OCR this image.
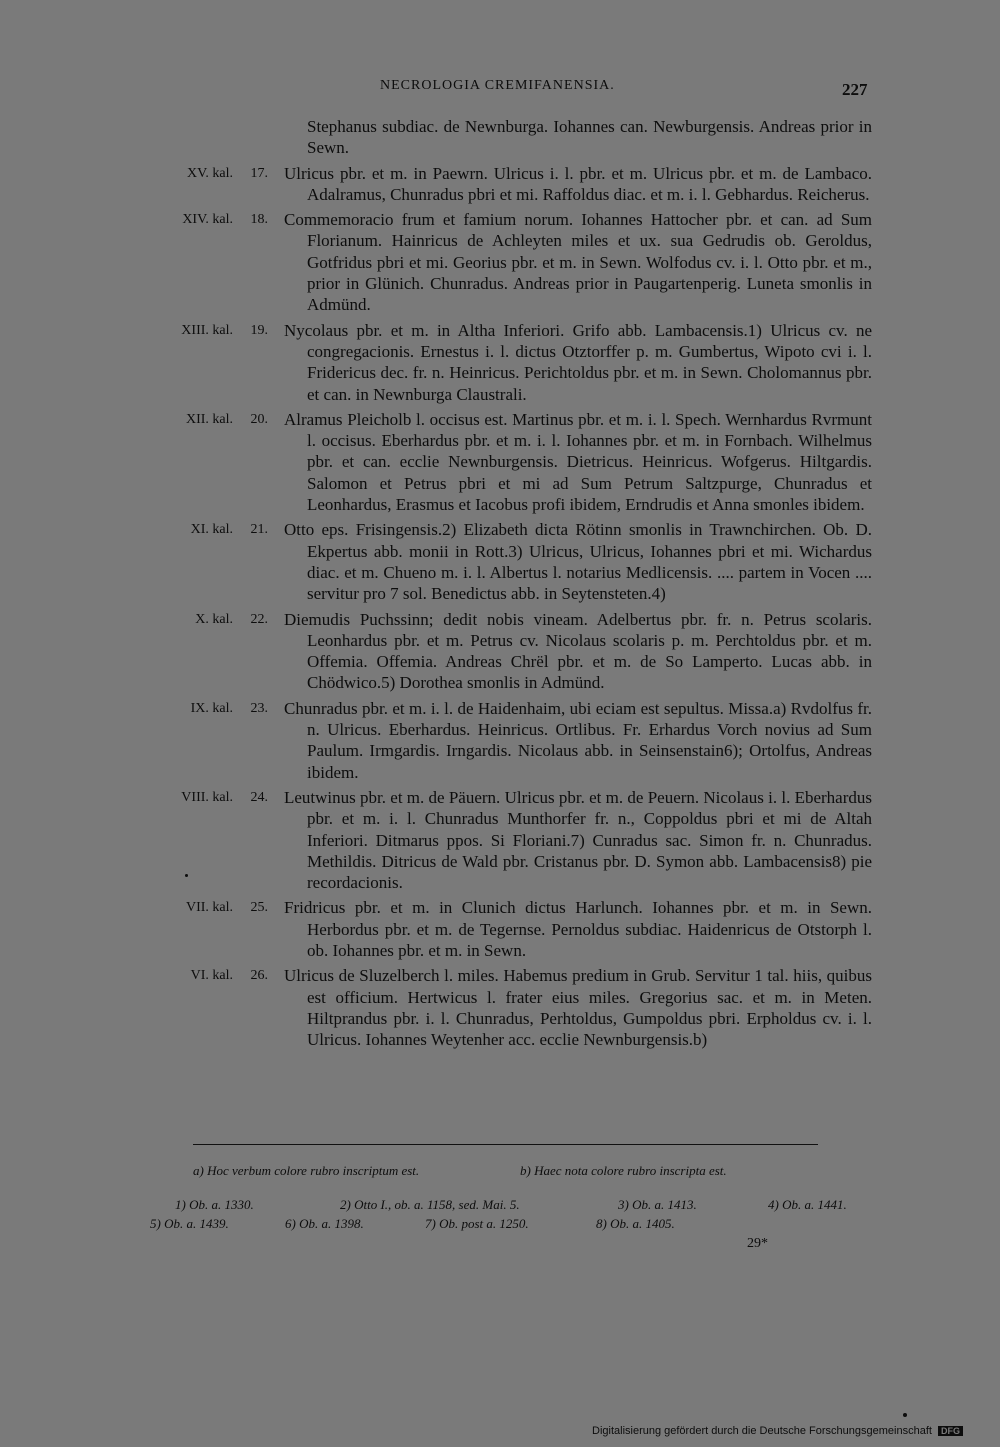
NECROLOGIA CREMIFANENSIA.	227
Stephanus subdiac. de Newnburga. Iohannes can. Newburgensis. Andreas prior in Sewn.
XV. kal.	17. Ulricus pbr. et m. in Paewrn. Ulricus i. l. pbr. et m. Ulricus pbr. et m. de Lambaco. Adalramus, Chunradus pbri et mi. Raffoldus diac. et m. i. l. Gebhardus. Reicherus.
XIV. kal.	18. Commemoracio frum et famium norum. Iohannes Hattocher pbr. et can. ad Sum Florianum. Hainricus de Achleyten miles et ux. sua Gedrudis ob. Geroldus, Gotfridus pbri et mi. Georius pbr. et m. in Sewn. Wolfodus cv. i. l. Otto pbr. et m., prior in Glünich. Chunradus. Andreas prior in Paugartenperig. Luneta smonlis in Admünd.
XIII. kal.	19. Nycolaus pbr. et m. in Altha Inferiori. Grifo abb. Lambacensis.1) Ulricus cv. ne congregacionis. Ernestus i. l. dictus Otztorffer p. m. Gumbertus, Wipoto cvi i. l. Fridericus dec. fr. n. Heinricus. Perichtoldus pbr. et m. in Sewn. Cholomannus pbr. et can. in Newnburga Claustrali.
XII. kal.	20. Alramus Pleicholb l. occisus est. Martinus pbr. et m. i. l. Spech. Wernhardus Rvrmunt l. occisus. Eberhardus pbr. et m. i. l. Iohannes pbr. et m. in Fornbach. Wilhelmus pbr. et can. ecclie Newnburgensis. Dietricus. Heinricus. Wofgerus. Hiltgardis. Salomon et Petrus pbri et mi ad Sum Petrum Saltzpurge, Chunradus et Leonhardus, Erasmus et Iacobus profi ibidem, Erndrudis et Anna smonles ibidem.
XI. kal.	21. Otto eps. Frisingensis.2) Elizabeth dicta Rötinn smonlis in Trawnchirchen. Ob. D. Ekpertus abb. monii in Rott.3) Ulricus, Ulricus, Iohannes pbri et mi. Wichardus diac. et m. Chueno m. i. l. Albertus l. notarius Medlicensis. .... partem in Vocen .... servitur pro 7 sol. Benedictus abb. in Seytensteten.4)
X. kal.	22. Diemudis Puchssinn; dedit nobis vineam. Adelbertus pbr. fr. n. Petrus scolaris. Leonhardus pbr. et m. Petrus cv. Nicolaus scolaris p. m. Perchtoldus pbr. et m. Offemia. Offemia. Andreas Chrël pbr. et m. de So Lamperto. Lucas abb. in Chödwico.5) Dorothea smonlis in Admünd.
IX. kal.	23. Chunradus pbr. et m. i. l. de Haidenhaim, ubi eciam est sepultus. Missa.a) Rvdolfus fr. n. Ulricus. Eberhardus. Heinricus. Ortlibus. Fr. Erhardus Vorch novius ad Sum Paulum. Irmgardis. Irngardis. Nicolaus abb. in Seinsenstain6); Ortolfus, Andreas ibidem.
VIII. kal.	24. Leutwinus pbr. et m. de Päuern. Ulricus pbr. et m. de Peuern. Nicolaus i. l. Eberhardus pbr. et m. i. l. Chunradus Munthorfer fr. n., Coppoldus pbri et mi de Altah Inferiori. Ditmarus ppos. Si Floriani.7) Cunradus sac. Simon fr. n. Chunradus. Methildis. Ditricus de Wald pbr. Cristanus pbr. D. Symon abb. Lambacensis8) pie recordacionis.
VII. kal.	25. Fridricus pbr. et m. in Clunich dictus Harlunch. Iohannes pbr. et m. in Sewn. Herbordus pbr. et m. de Tegernse. Pernoldus subdiac. Haidenricus de Otstorph l. ob. Iohannes pbr. et m. in Sewn.
VI. kal.	26. Ulricus de Sluzelberch l. miles. Habemus predium in Grub. Servitur 1 tal. hiis, quibus est officium. Hertwicus l. frater eius miles. Gregorius sac. et m. in Meten. Hiltprandus pbr. i. l. Chunradus, Perhtoldus, Gumpoldus pbri. Erpholdus cv. i. l. Ulricus. Iohannes Weytenher acc. ecclie Newnburgensis.b)
a) Hoc verbum colore rubro inscriptum est.	b) Haec nota colore rubro inscripta est.
1) Ob. a. 1330.	2) Otto I., ob. a. 1158, sed. Mai. 5.	3) Ob. a. 1413.	4) Ob. a. 1441.
5) Ob. a. 1439.	6) Ob. a. 1398.	7) Ob. post a. 1250.	8) Ob. a. 1405.
29*
Digitalisierung gefördert durch die Deutsche Forschungsgemeinschaft DFG
